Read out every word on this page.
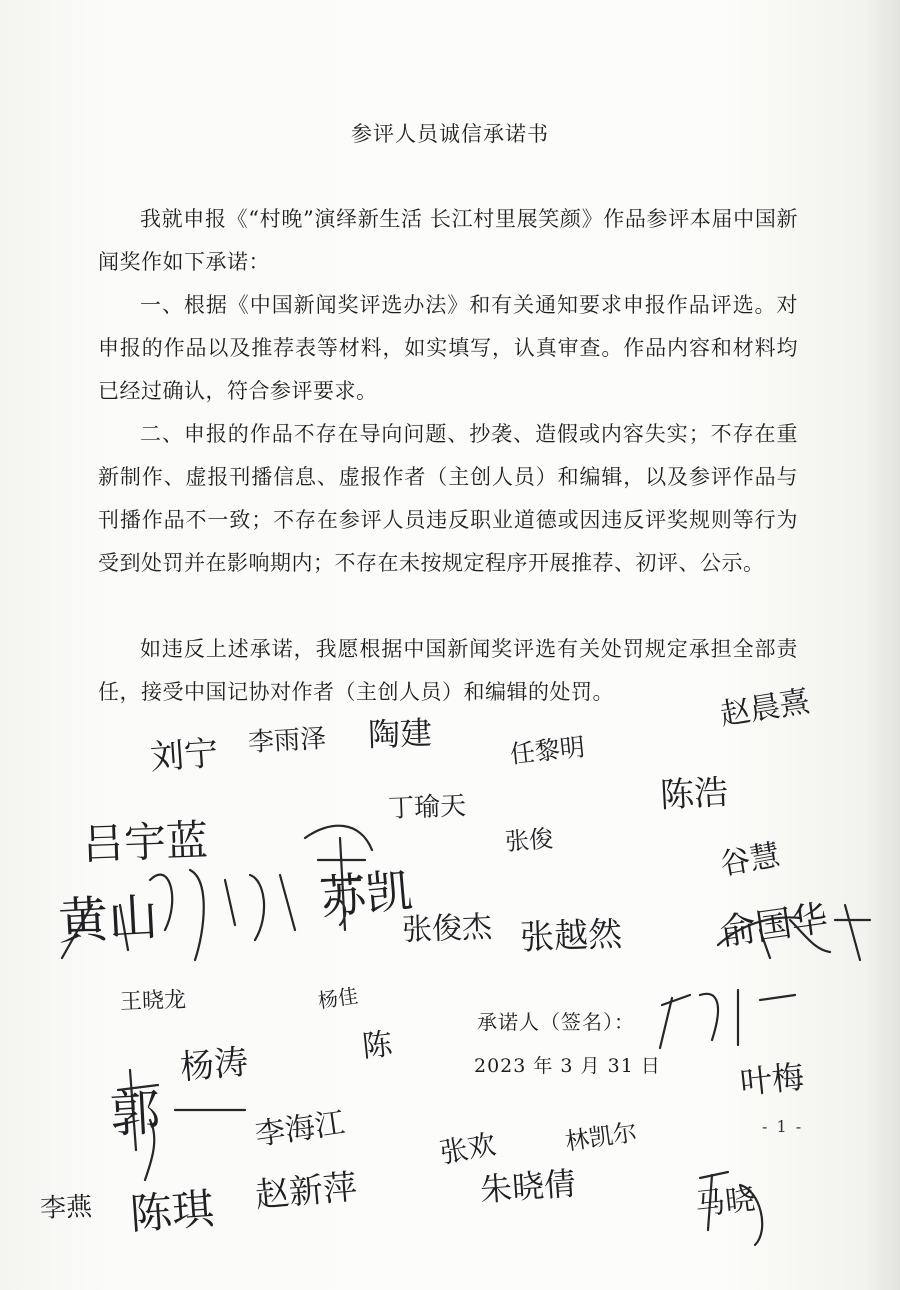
参评人员诚信承诺书
我就申报《“村晚”演绎新生活 长江村里展笑颜》作品参评本届中国新闻奖作如下承诺：
一、根据《中国新闻奖评选办法》和有关通知要求申报作品评选。对申报的作品以及推荐表等材料，如实填写，认真审查。作品内容和材料均已经过确认，符合参评要求。
二、申报的作品不存在导向问题、抄袭、造假或内容失实；不存在重新制作、虚报刊播信息、虚报作者（主创人员）和编辑，以及参评作品与刊播作品不一致；不存在参评人员违反职业道德或因违反评奖规则等行为受到处罚并在影响期内；不存在未按规定程序开展推荐、初评、公示。
如违反上述承诺，我愿根据中国新闻奖评选有关处罚规定承担全部责任，接受中国记协对作者（主创人员）和编辑的处罚。
承诺人（签名）：
2023 年 3 月 31 日
- 1 -
刘宁 李雨泽 陶建	任黎明
赵晨熹
丁瑜天	陈浩
吕宇蓝	张俊	谷慧
苏凯
黄山	张俊杰 张越然	俞国华
王晓龙	杨佳
陈
杨涛
郭	李海江	张欢	林凯尔
叶梅
李燕 陈琪 赵新萍	朱晓倩	马晓
